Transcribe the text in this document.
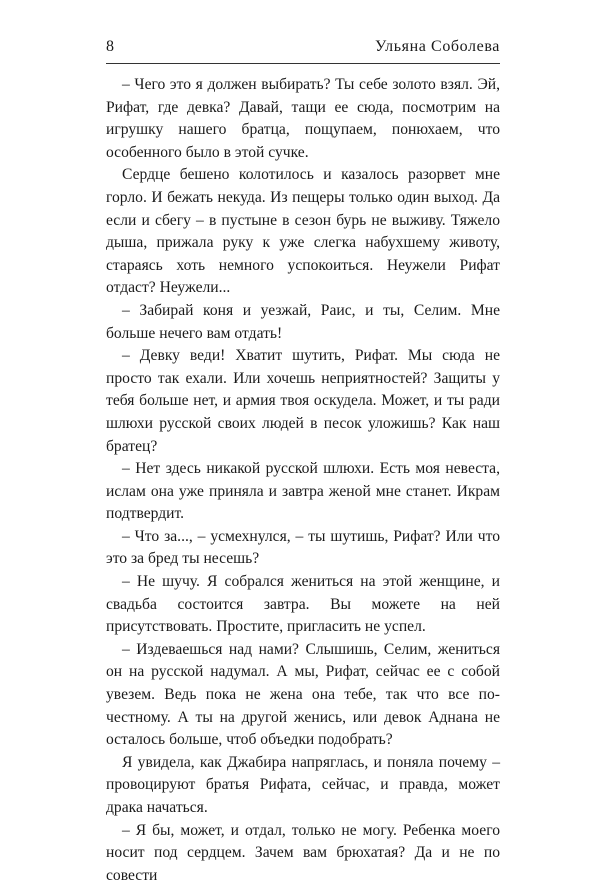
8	Ульяна Соболева

– Чего это я должен выбирать? Ты себе золото взял. Эй, Рифат, где девка? Давай, тащи ее сюда, посмотрим на игрушку нашего братца, пощупаем, понюхаем, что особенного было в этой сучке.

Сердце бешено колотилось и казалось разорвет мне горло. И бежать некуда. Из пещеры только один выход. Да если и сбегу – в пустыне в сезон бурь не выживу. Тяжело дыша, прижала руку к уже слегка набухшему животу, стараясь хоть немного успокоиться. Неужели Рифат отдаст? Неужели...

– Забирай коня и уезжай, Раис, и ты, Селим. Мне больше нечего вам отдать!

– Девку веди! Хватит шутить, Рифат. Мы сюда не просто так ехали. Или хочешь неприятностей? Защиты у тебя больше нет, и армия твоя оскудела. Может, и ты ради шлюхи русской своих людей в песок уложишь? Как наш братец?

– Нет здесь никакой русской шлюхи. Есть моя невеста, ислам она уже приняла и завтра женой мне станет. Икрам подтвердит.

– Что за..., – усмехнулся, – ты шутишь, Рифат? Или что это за бред ты несешь?

– Не шучу. Я собрался жениться на этой женщине, и свадьба состоится завтра. Вы можете на ней присутствовать. Простите, пригласить не успел.

– Издеваешься над нами? Слышишь, Селим, жениться он на русской надумал. А мы, Рифат, сейчас ее с собой увезем. Ведь пока не жена она тебе, так что все по-честному. А ты на другой женись, или девок Аднана не осталось больше, чтоб объедки подобрать?

Я увидела, как Джабира напряглась, и поняла почему – провоцируют братья Рифата, сейчас, и правда, может драка начаться.

– Я бы, может, и отдал, только не могу. Ребенка моего носит под сердцем. Зачем вам брюхатая? Да и не по совести
